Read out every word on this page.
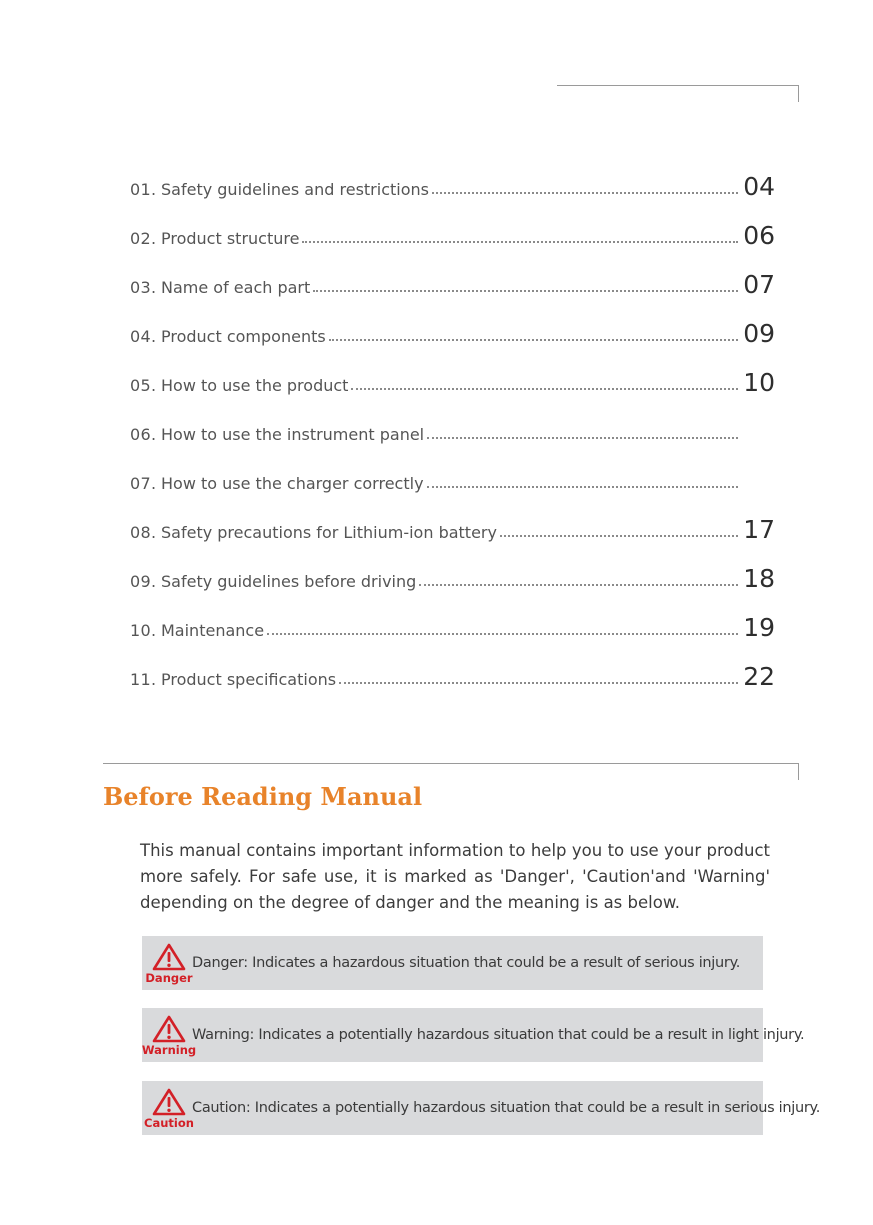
01. Safety guidelines and restrictions	04
02. Product structure	06
03. Name of each part	07
04. Product components	09
05. How to use the product	10
06. How to use the instrument panel
07. How to use the charger correctly
08. Safety precautions for Lithium-ion battery	17
09. Safety guidelines before driving	18
10. Maintenance	19
11. Product specifications	22
Before Reading Manual

This manual contains important information to help you to use your product more safely. For safe use, it is marked as 'Danger', 'Caution'and 'Warning' depending on the degree of danger and the meaning is as below.

Danger
Danger: Indicates a hazardous situation that could be a result of serious injury.
Warning
Warning: Indicates a potentially hazardous situation that could be a result in light injury.
Caution
Caution: Indicates a potentially hazardous situation that could be a result in serious injury.
